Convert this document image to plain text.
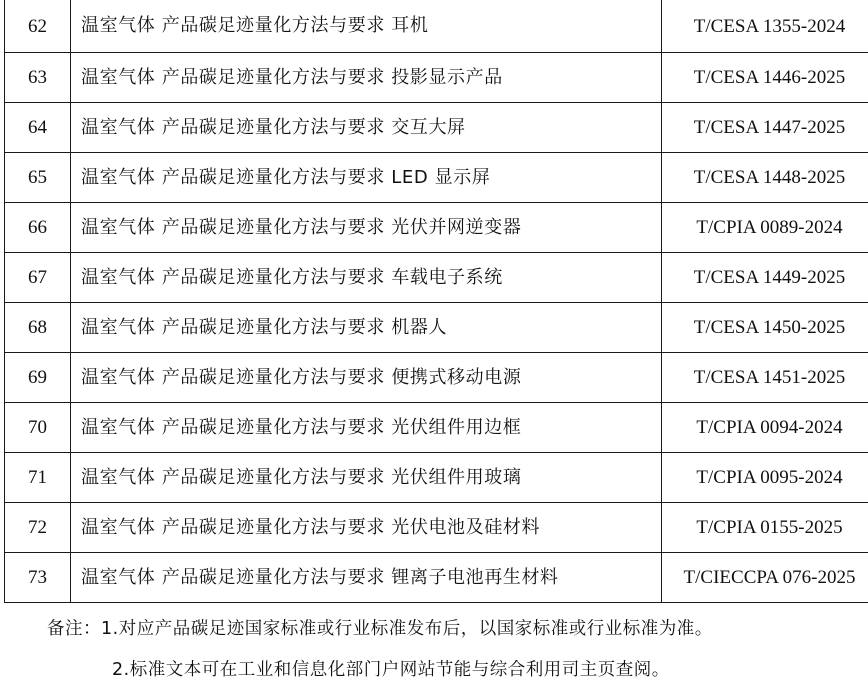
62	温室气体 产品碳足迹量化方法与要求 耳机	T/CESA 1355-2024
63	温室气体 产品碳足迹量化方法与要求 投影显示产品	T/CESA 1446-2025
64	温室气体 产品碳足迹量化方法与要求 交互大屏	T/CESA 1447-2025
65	温室气体 产品碳足迹量化方法与要求 LED 显示屏	T/CESA 1448-2025
66	温室气体 产品碳足迹量化方法与要求 光伏并网逆变器	T/CPIA 0089-2024
67	温室气体 产品碳足迹量化方法与要求 车载电子系统	T/CESA 1449-2025
68	温室气体 产品碳足迹量化方法与要求 机器人	T/CESA 1450-2025
69	温室气体 产品碳足迹量化方法与要求 便携式移动电源	T/CESA 1451-2025
70	温室气体 产品碳足迹量化方法与要求 光伏组件用边框	T/CPIA 0094-2024
71	温室气体 产品碳足迹量化方法与要求 光伏组件用玻璃	T/CPIA 0095-2024
72	温室气体 产品碳足迹量化方法与要求 光伏电池及硅材料	T/CPIA 0155-2025
73	温室气体 产品碳足迹量化方法与要求 锂离子电池再生材料	T/CIECCPA 076-2025
备注：1.对应产品碳足迹国家标准或行业标准发布后，以国家标准或行业标准为准。
2.标准文本可在工业和信息化部门户网站节能与综合利用司主页查阅。
